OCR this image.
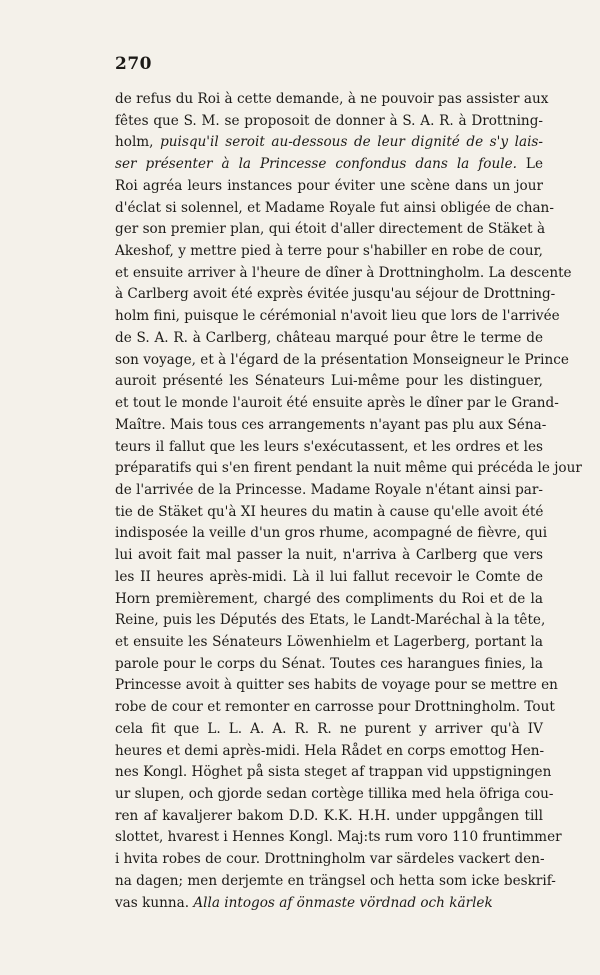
270
de refus du Roi à cette demande, à ne pouvoir pas assister aux
fêtes que S. M. se proposoit de donner à S. A. R. à Drottning-
holm, puisqu'il seroit au-dessous de leur dignité de s'y lais-
ser présenter à la Princesse confondus dans la foule. Le
Roi agréa leurs instances pour éviter une scène dans un jour
d'éclat si solennel, et Madame Royale fut ainsi obligée de chan-
ger son premier plan, qui étoit d'aller directement de Stäket à
Akeshof, y mettre pied à terre pour s'habiller en robe de cour,
et ensuite arriver à l'heure de dîner à Drottningholm. La descente
à Carlberg avoit été exprès évitée jusqu'au séjour de Drottning-
holm fini, puisque le cérémonial n'avoit lieu que lors de l'arrivée
de S. A. R. à Carlberg, château marqué pour être le terme de
son voyage, et à l'égard de la présentation Monseigneur le Prince
auroit présenté les Sénateurs Lui-même pour les distinguer,
et tout le monde l'auroit été ensuite après le dîner par le Grand-
Maître. Mais tous ces arrangements n'ayant pas plu aux Séna-
teurs il fallut que les leurs s'exécutassent, et les ordres et les
préparatifs qui s'en firent pendant la nuit même qui précéda le jour
de l'arrivée de la Princesse. Madame Royale n'étant ainsi par-
tie de Stäket qu'à XI heures du matin à cause qu'elle avoit été
indisposée la veille d'un gros rhume, acompagné de fièvre, qui
lui avoit fait mal passer la nuit, n'arriva à Carlberg que vers
les II heures après-midi. Là il lui fallut recevoir le Comte de
Horn premièrement, chargé des compliments du Roi et de la
Reine, puis les Députés des Etats, le Landt-Maréchal à la tête,
et ensuite les Sénateurs Löwenhielm et Lagerberg, portant la
parole pour le corps du Sénat. Toutes ces harangues finies, la
Princesse avoit à quitter ses habits de voyage pour se mettre en
robe de cour et remonter en carrosse pour Drottningholm. Tout
cela fit que L. L. A. A. R. R. ne purent y arriver qu'à IV
heures et demi après-midi. Hela Rådet en corps emottog Hen-
nes Kongl. Höghet på sista steget af trappan vid uppstigningen
ur slupen, och gjorde sedan cortège tillika med hela öfriga cou-
ren af kavaljerer bakom D.D. K.K. H.H. under uppgången till
slottet, hvarest i Hennes Kongl. Maj:ts rum voro 110 fruntimmer
i hvita robes de cour. Drottningholm var särdeles vackert den-
na dagen; men derjemte en trängsel och hetta som icke beskrif-
vas kunna. Alla intogos af önmaste vördnad och kärlek
